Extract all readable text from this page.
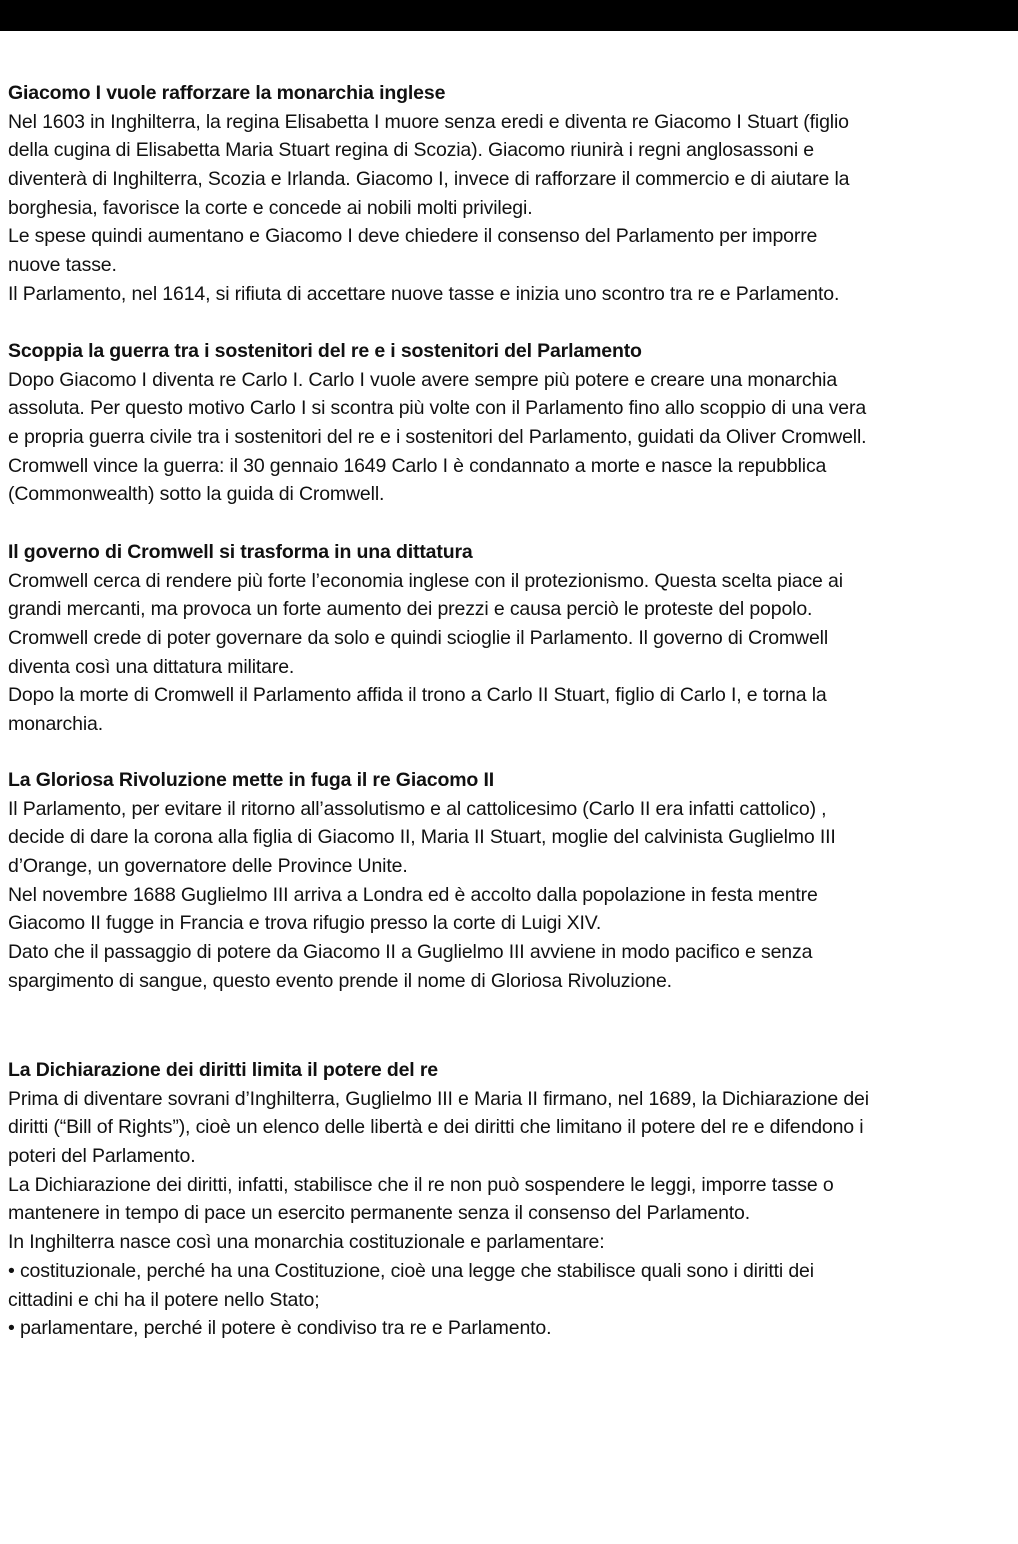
Giacomo I vuole rafforzare la monarchia inglese
Nel 1603 in Inghilterra, la regina Elisabetta I muore senza eredi e diventa re Giacomo I Stuart (figlio
della cugina di Elisabetta Maria Stuart regina di Scozia). Giacomo riunirà i regni anglosassoni e
diventerà di Inghilterra, Scozia e Irlanda. Giacomo I, invece di rafforzare il commercio e di aiutare la
borghesia, favorisce la corte e concede ai nobili molti privilegi.
Le spese quindi aumentano e Giacomo I deve chiedere il consenso del Parlamento per imporre
nuove tasse.
Il Parlamento, nel 1614, si rifiuta di accettare nuove tasse e inizia uno scontro tra re e Parlamento.
Scoppia la guerra tra i sostenitori del re e i sostenitori del Parlamento
Dopo Giacomo I diventa re Carlo I. Carlo I vuole avere sempre più potere e creare una monarchia
assoluta. Per questo motivo Carlo I si scontra più volte con il Parlamento fino allo scoppio di una vera
e propria guerra civile tra i sostenitori del re e i sostenitori del Parlamento, guidati da Oliver Cromwell.
Cromwell vince la guerra: il 30 gennaio 1649 Carlo I è condannato a morte e nasce la repubblica
(Commonwealth) sotto la guida di Cromwell.
Il governo di Cromwell si trasforma in una dittatura
Cromwell cerca di rendere più forte l’economia inglese con il protezionismo. Questa scelta piace ai
grandi mercanti, ma provoca un forte aumento dei prezzi e causa perciò le proteste del popolo.
Cromwell crede di poter governare da solo e quindi scioglie il Parlamento. Il governo di Cromwell
diventa così una dittatura militare.
Dopo la morte di Cromwell il Parlamento affida il trono a Carlo II Stuart, figlio di Carlo I, e torna la
monarchia.
La Gloriosa Rivoluzione mette in fuga il re Giacomo II
Il Parlamento, per evitare il ritorno all’assolutismo e al cattolicesimo (Carlo II era infatti cattolico) ,
decide di dare la corona alla figlia di Giacomo II, Maria II Stuart, moglie del calvinista Guglielmo III
d’Orange, un governatore delle Province Unite.
Nel novembre 1688 Guglielmo III arriva a Londra ed è accolto dalla popolazione in festa mentre
Giacomo II fugge in Francia e trova rifugio presso la corte di Luigi XIV.
Dato che il passaggio di potere da Giacomo II a Guglielmo III avviene in modo pacifico e senza
spargimento di sangue, questo evento prende il nome di Gloriosa Rivoluzione.
La Dichiarazione dei diritti limita il potere del re
Prima di diventare sovrani d’Inghilterra, Guglielmo III e Maria II firmano, nel 1689, la Dichiarazione dei
diritti (“Bill of Rights”), cioè un elenco delle libertà e dei diritti che limitano il potere del re e difendono i
poteri del Parlamento.
La Dichiarazione dei diritti, infatti, stabilisce che il re non può sospendere le leggi, imporre tasse o
mantenere in tempo di pace un esercito permanente senza il consenso del Parlamento.
In Inghilterra nasce così una monarchia costituzionale e parlamentare:
• costituzionale, perché ha una Costituzione, cioè una legge che stabilisce quali sono i diritti dei
cittadini e chi ha il potere nello Stato;
• parlamentare, perché il potere è condiviso tra re e Parlamento.
